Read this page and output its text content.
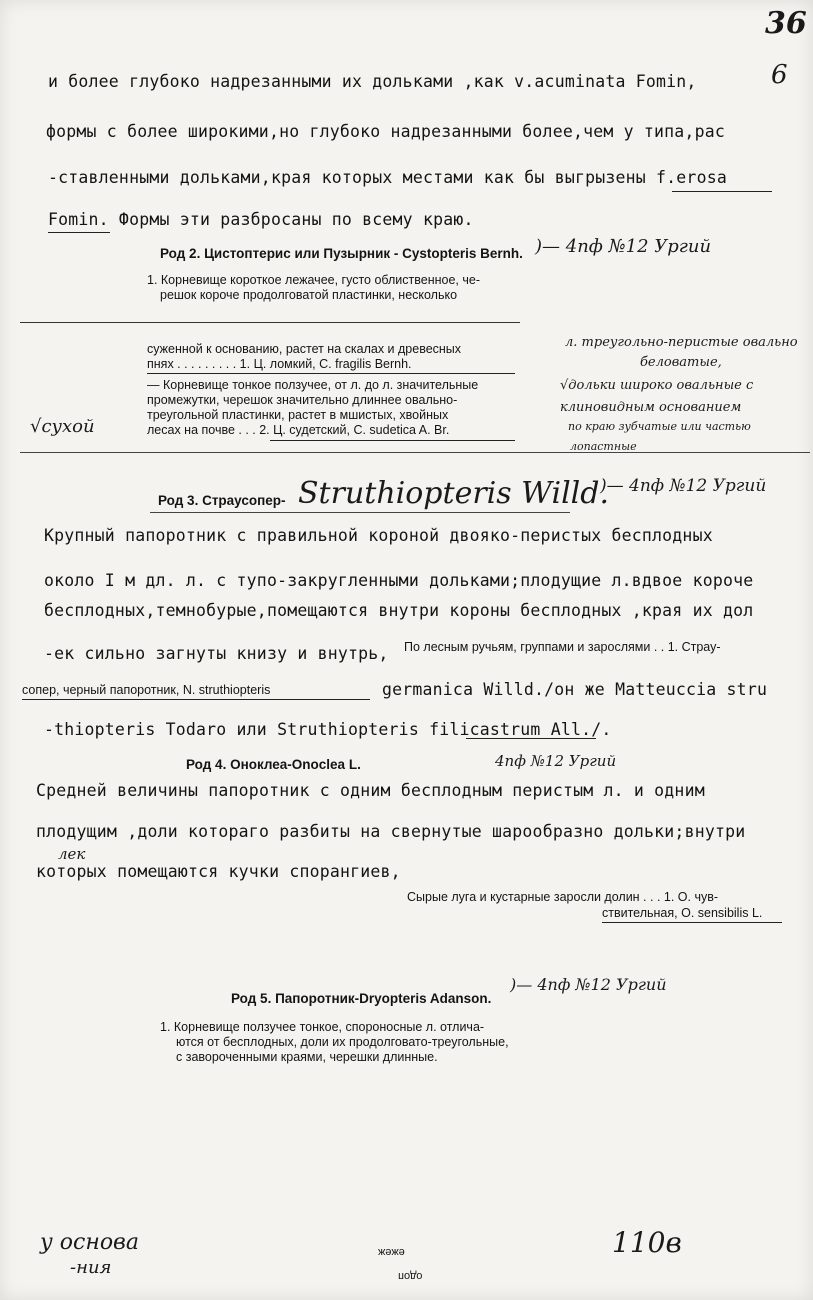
36
6
и более глубоко надрезанными их дольками ,как v.acuminata Fomin,
формы с более широкими,но глубоко надрезанными более,чем у типа,рас
-ставленными дольками,края которых местами как бы выгрызены f.erosa
Fomin. Формы эти разбросаны по всему краю.
Род 2. Цистоптерис или Пузырник - Cystopteris Bernh. )— 4пф №12 Ургий
1. Корневище короткое лежачее, густо облиственное, че-
решок короче продолговатой пластинки, несколько
суженной к основанию, растет на скалах и древесных
пнях . . . . . . . . . 1. Ц. ломкий, C. fragilis Bernh.
— Корневище тонкое ползучее, от л. до л. значительные
промежутки, черешок значительно длиннее овально-
треугольной пластинки, растет в мшистых, хвойных
лесах на почве . . . 2. Ц. судетский, C. sudetica A. Br.
√сухой
л. треугольно-перистые овально
беловатые,
√дольки широко овальные с
клиновидным основанием
по краю зубчатые или частью
лопастные
Род 3. Страусопер- Struthiopteris Willd.
)— 4пф №12 Ургий
Крупный папоротник с правильной короной двояко-перистых бесплодных
около I м дл. л. с тупо-закругленными дольками;плодущие л.вдвое короче
бесплодных,темнобурые,помещаются внутри короны бесплодных ,края их дол
-ек сильно загнуты книзу и внутрь, По лесным ручьям, группами и зарослями . . 1. Страу-
сопер, черный папоротник, N. struthiopteris	germanica Willd./он же Matteuccia stru
-thiopteris Todaro или Struthiopteris filicastrum All./.
Род 4. Оноклеа-Onoclea L.	4пф №12 Ургий
Средней величины папоротник с одним бесплодным перистым л. и одним
плодущим ,доли котораго разбиты на свернутые шарообразно дольки;внутри
лек
которых помещаются кучки спорангиев,
Сырые луга и кустарные заросли долин . . . 1. О. чув-
ствительная, O. sensibilis L.
Род 5. Папоротник-Dryopteris Adanson.
)— 4пф №12 Ургий
1. Корневище ползучее тонкое, спороносные л. отлича-
ются от бесплодных, доли их продолговато-треугольные,
с завороченными краями, черешки длинные.
у основа
-ния
ежеж
одоп
110в
